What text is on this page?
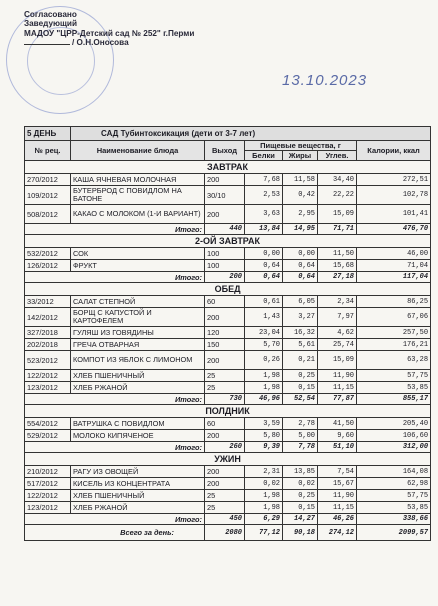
Согласовано
Заведующий
МАДОУ "ЦРР-Детский сад № 252" г.Перми
/ О.Н.Оносова
13.10.2023
5 ДЕНЬ	САД Тубинтоксикация (дети от 3-7 лет)					
№ рец.	Наименование блюда	Выход	Пищевые вещества, г			Калории, ккал
			Белки	Жиры	Углев.	
ЗАВТРАК						
270/2012	КАША ЯЧНЕВАЯ МОЛОЧНАЯ	200	7,68	11,58	34,40	272,51
109/2012	БУТЕРБРОД С ПОВИДЛОМ НА БАТОНЕ	30/10	2,53	0,42	22,22	102,78
508/2012	КАКАО С МОЛОКОМ (1-И ВАРИАНТ)	200	3,63	2,95	15,09	101,41
Итого:		440	13,84	14,95	71,71	476,70
2-ОЙ ЗАВТРАК						
532/2012	СОК	100	0,00	0,00	11,50	46,00
126/2012	ФРУКТ	100	0,64	0,64	15,68	71,04
Итого:		200	0,64	0,64	27,18	117,04
ОБЕД						
33/2012	САЛАТ СТЕПНОЙ	60	0,61	6,05	2,34	86,25
142/2012	БОРЩ С КАПУСТОЙ И КАРТОФЕЛЕМ	200	1,43	3,27	7,97	67,06
327/2018	ГУЛЯШ ИЗ ГОВЯДИНЫ	120	23,04	16,32	4,62	257,50
202/2018	ГРЕЧА ОТВАРНАЯ	150	5,70	5,61	25,74	176,21
523/2012	КОМПОТ ИЗ ЯБЛОК С ЛИМОНОМ	200	0,26	0,21	15,09	63,28
122/2012	ХЛЕБ ПШЕНИЧНЫЙ	25	1,98	0,25	11,90	57,75
123/2012	ХЛЕБ РЖАНОЙ	25	1,98	0,15	11,15	53,85
Итого:		730	46,96	52,54	77,87	855,17
ПОЛДНИК						
554/2012	ВАТРУШКА С ПОВИДЛОМ	60	3,59	2,78	41,50	205,40
529/2012	МОЛОКО КИПЯЧЕНОЕ	200	5,80	5,00	9,60	106,60
Итого:		260	9,39	7,78	51,10	312,00
УЖИН						
210/2012	РАГУ ИЗ ОВОЩЕЙ	200	2,31	13,85	7,54	164,08
517/2012	КИСЕЛЬ ИЗ КОНЦЕНТРАТА	200	0,02	0,02	15,67	62,98
122/2012	ХЛЕБ ПШЕНИЧНЫЙ	25	1,98	0,25	11,90	57,75
123/2012	ХЛЕБ РЖАНОЙ	25	1,98	0,15	11,15	53,85
Итого:		450	6,29	14,27	46,26	338,66
Всего за день:		2080	77,12	90,18	274,12	2099,57
